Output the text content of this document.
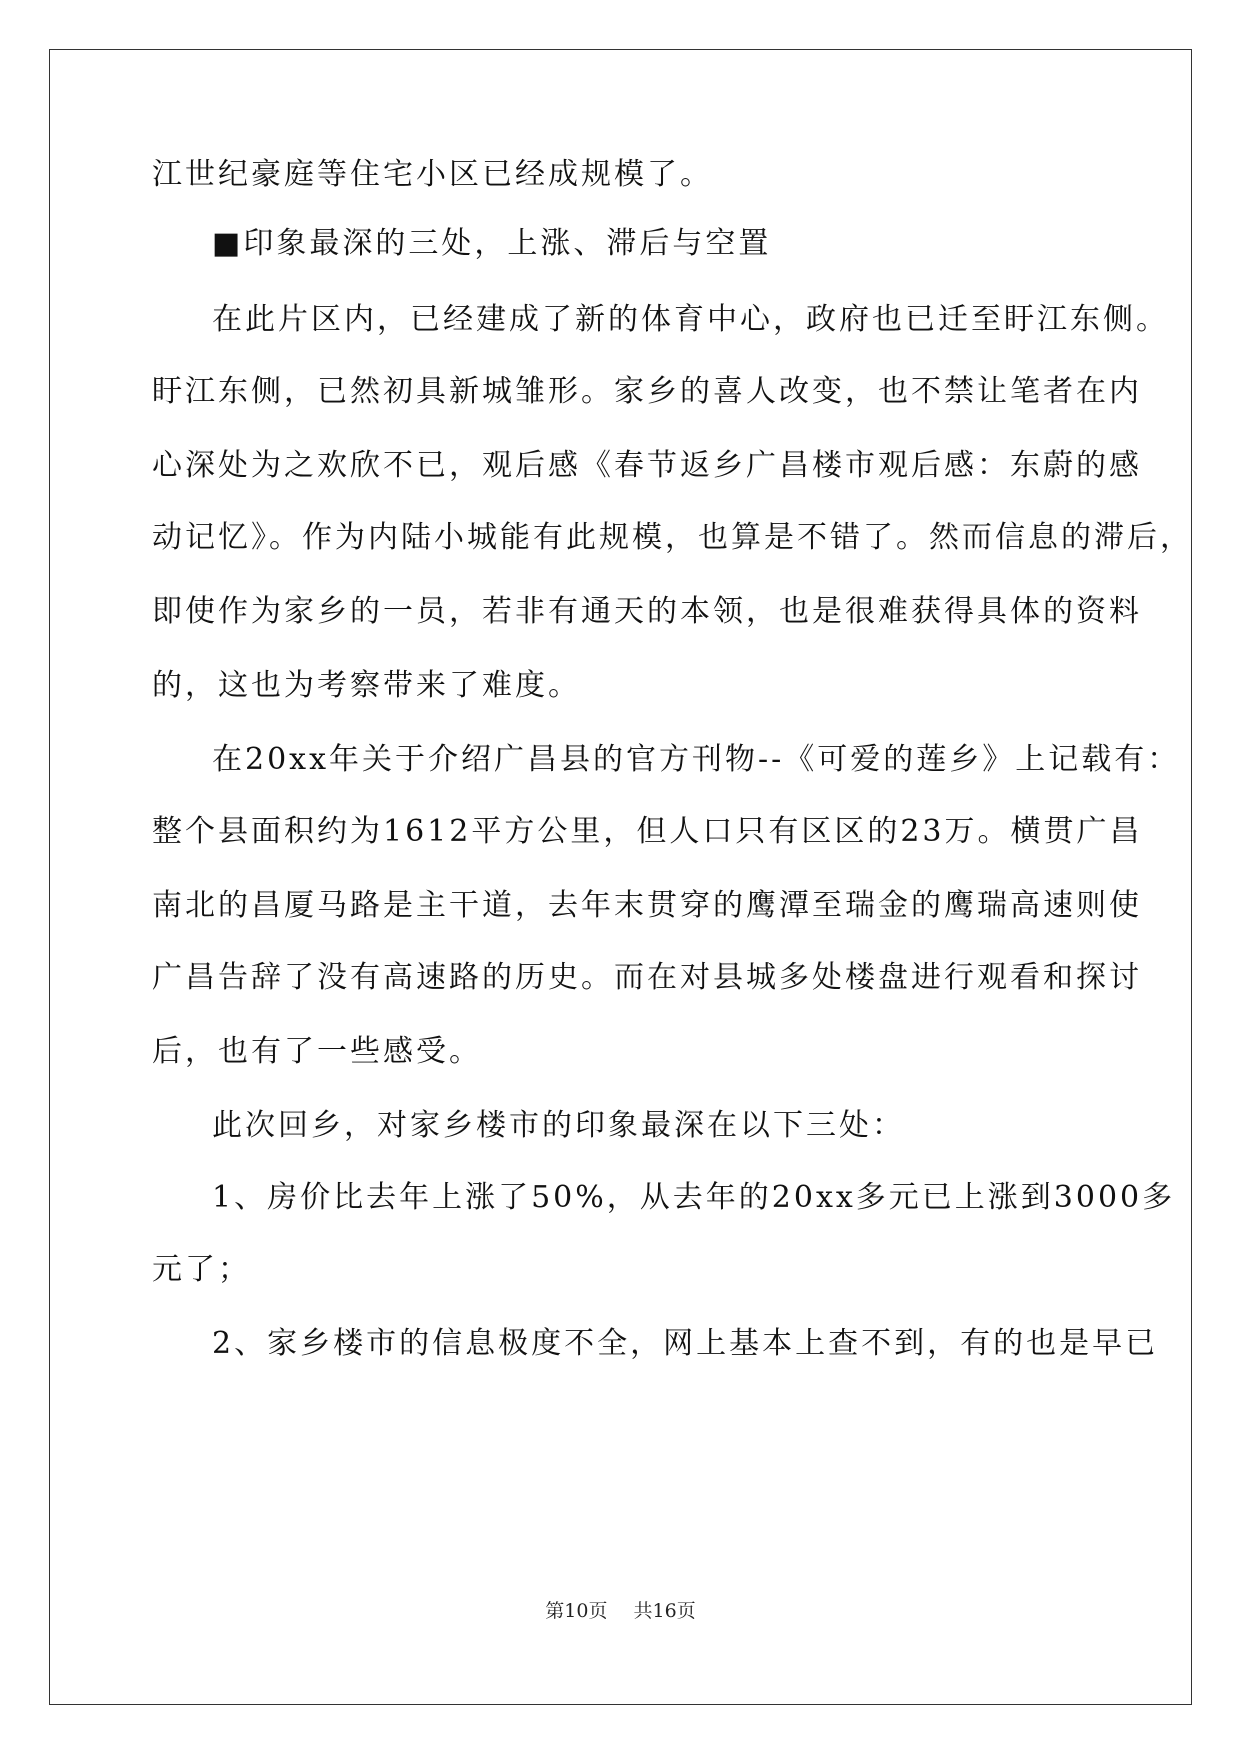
江世纪豪庭等住宅小区已经成规模了。
■印象最深的三处，上涨、滞后与空置
在此片区内，已经建成了新的体育中心，政府也已迁至盱江东侧。
盱江东侧，已然初具新城雏形。家乡的喜人改变，也不禁让笔者在内
心深处为之欢欣不已，观后感《春节返乡广昌楼市观后感：东蔚的感
动记忆》。作为内陆小城能有此规模，也算是不错了。然而信息的滞后，
即使作为家乡的一员，若非有通天的本领，也是很难获得具体的资料
的，这也为考察带来了难度。
在20xx年关于介绍广昌县的官方刊物--《可爱的莲乡》上记载有：
整个县面积约为1612平方公里，但人口只有区区的23万。横贯广昌
南北的昌厦马路是主干道，去年末贯穿的鹰潭至瑞金的鹰瑞高速则使
广昌告辞了没有高速路的历史。而在对县城多处楼盘进行观看和探讨
后，也有了一些感受。
此次回乡，对家乡楼市的印象最深在以下三处：
1、房价比去年上涨了50%，从去年的20xx多元已上涨到3000多
元了；
2、家乡楼市的信息极度不全，网上基本上查不到，有的也是早已
第10页 共16页
